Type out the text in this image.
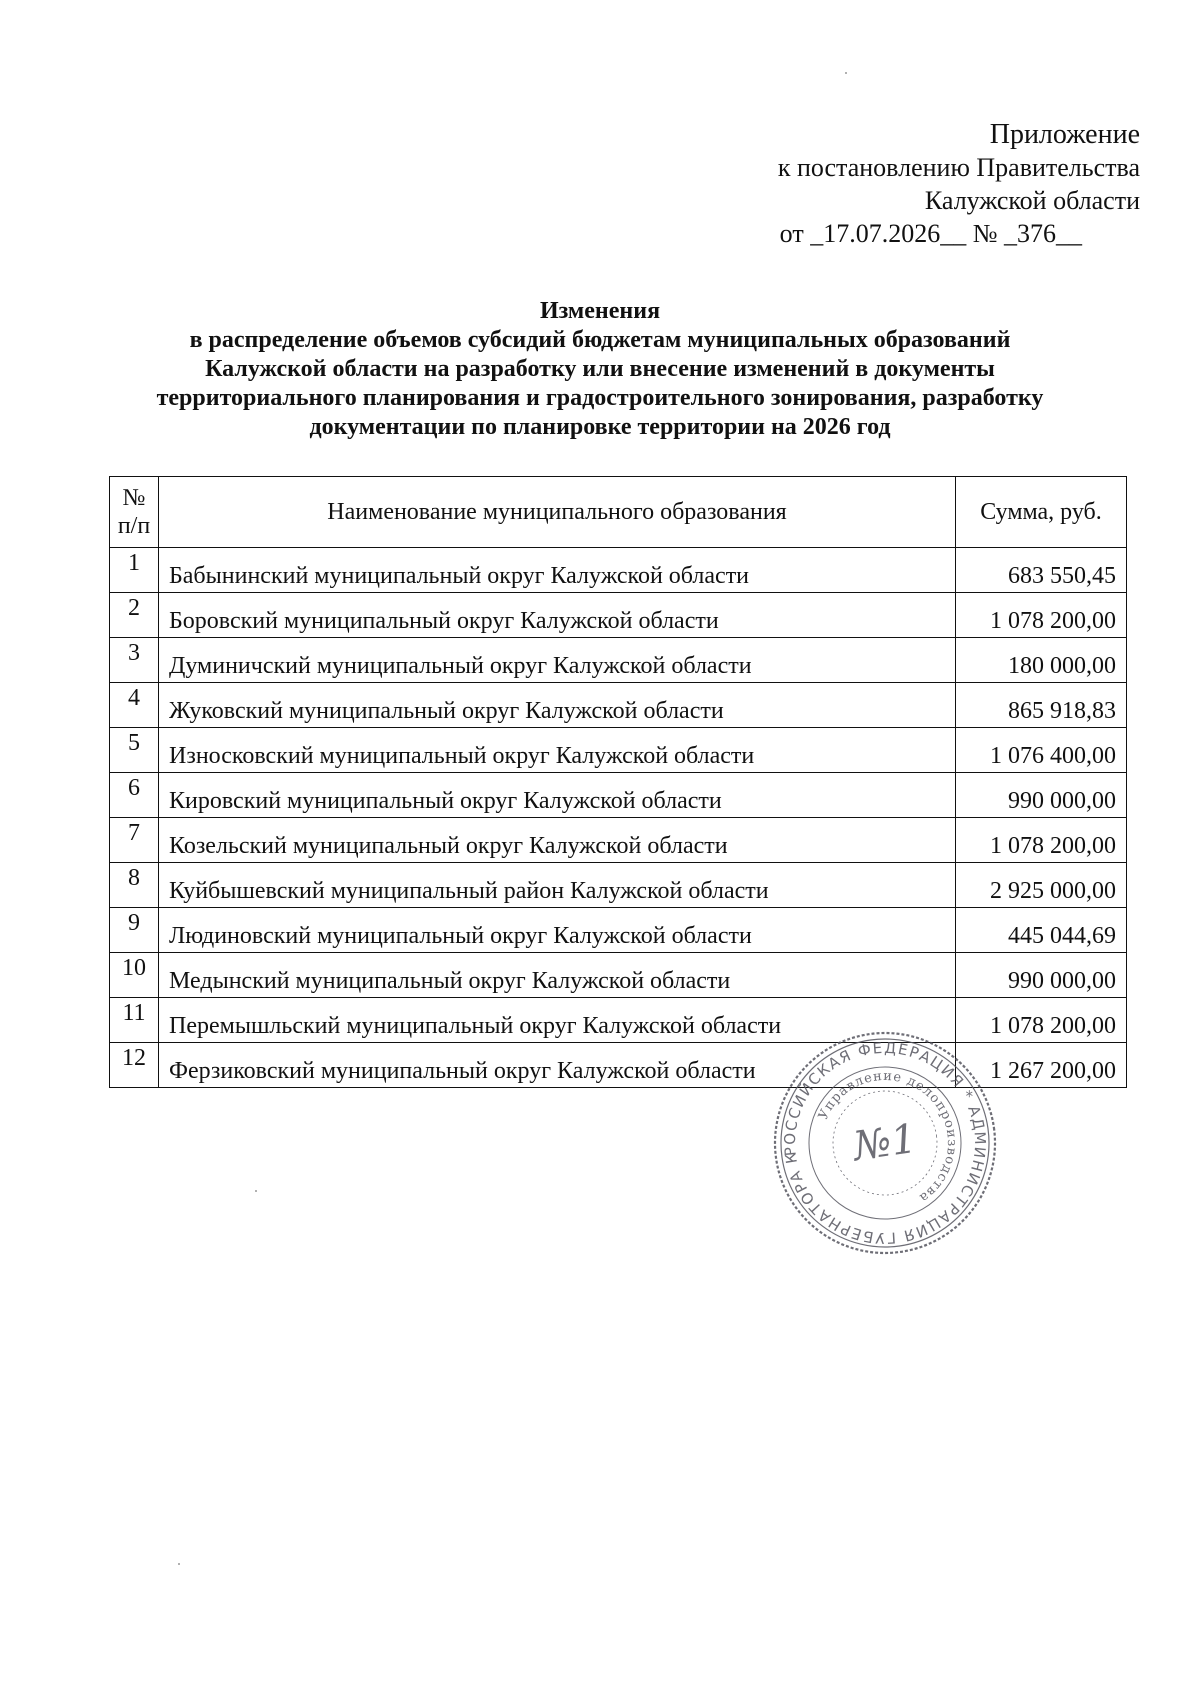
Приложение
к постановлению Правительства
Калужской области
от _17.07.2026__ № _376__
Изменения
в распределение объемов субсидий бюджетам муниципальных образований
Калужской области на разработку или внесение изменений в документы
территориального планирования и градостроительного зонирования, разработку
документации по планировке территории на 2026 год
№
п/п	Наименование муниципального образования	Сумма, руб.
1	Бабынинский муниципальный округ Калужской области	683 550,45
2	Боровский муниципальный округ Калужской области	1 078 200,00
3	Думиничский муниципальный округ Калужской области	180 000,00
4	Жуковский муниципальный округ Калужской области	865 918,83
5	Износковский муниципальный округ Калужской области	1 076 400,00
6	Кировский муниципальный округ Калужской области	990 000,00
7	Козельский муниципальный округ Калужской области	1 078 200,00
8	Куйбышевский муниципальный район Калужской области	2 925 000,00
9	Людиновский муниципальный округ Калужской области	445 044,69
10	Медынский муниципальный округ Калужской области	990 000,00
11	Перемышльский муниципальный округ Калужской области	1 078 200,00
12	Ферзиковский муниципальный округ Калужской области	1 267 200,00
РОССИЙСКАЯ ФЕДЕРАЦИЯ * АДМИНИСТРАЦИЯ ГУБЕРНАТОРА КАЛУЖСКОЙ
Управление делопроизводства
№1
